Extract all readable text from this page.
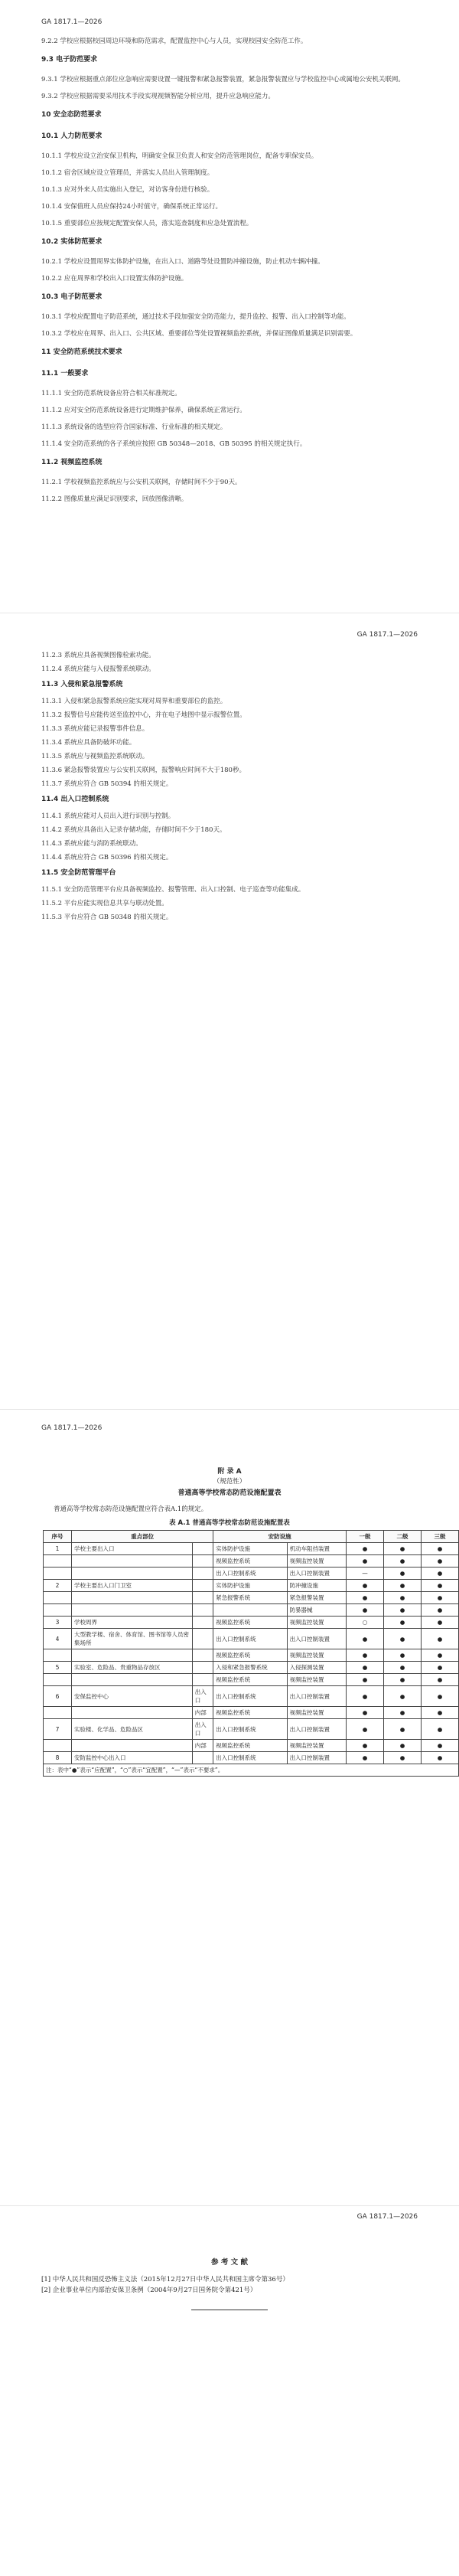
GA 1817.1—2026
9.2.2 学校应根据校园周边环境和防范需求，配置监控中心与人员，实现校园安全防范工作。
9.3 电子防范要求
9.3.1 学校应根据重点部位应急响应需要设置一键报警和紧急报警装置，紧急报警装置应与学校监控中心或属地公安机关联网。
9.3.2 学校应根据需要采用技术手段实现视频智能分析应用，提升应急响应能力。
10 安全态防范要求
10.1 人力防范要求
10.1.1 学校应设立治安保卫机构，明确安全保卫负责人和安全防范管理岗位，配备专职保安员。
10.1.2 宿舍区域应设立管理员，并落实人员出入管理制度。
10.1.3 应对外来人员实施出入登记，对访客身份进行核验。
10.1.4 安保值班人员应保持24小时值守，确保系统正常运行。
10.1.5 重要部位应按规定配置安保人员，落实巡查制度和应急处置流程。
10.2 实体防范要求
10.2.1 学校应设置周界实体防护设施，在出入口、道路等处设置防冲撞设施，防止机动车辆冲撞。
10.2.2 应在周界和学校出入口设置实体防护设施。
10.3 电子防范要求
10.3.1 学校应配置电子防范系统，通过技术手段加强安全防范能力，提升监控、报警、出入口控制等功能。
10.3.2 学校应在周界、出入口、公共区域、重要部位等处设置视频监控系统，并保证图像质量满足识别需要。
11 安全防范系统技术要求
11.1 一般要求
11.1.1 安全防范系统设备应符合相关标准规定。
11.1.2 应对安全防范系统设备进行定期维护保养，确保系统正常运行。
11.1.3 系统设备的选型应符合国家标准、行业标准的相关规定。
11.1.4 安全防范系统的各子系统应按照 GB 50348—2018、GB 50395 的相关规定执行。
11.2 视频监控系统
11.2.1 学校视频监控系统应与公安机关联网，存储时间不少于90天。
11.2.2 图像质量应满足识别要求，回放图像清晰。
GA 1817.1—2026
11.2.3 系统应具备视频图像检索功能。
11.2.4 系统应能与入侵报警系统联动。
11.3 入侵和紧急报警系统
11.3.1 入侵和紧急报警系统应能实现对周界和重要部位的监控。
11.3.2 报警信号应能传送至监控中心，并在电子地图中显示报警位置。
11.3.3 系统应能记录报警事件信息。
11.3.4 系统应具备防破坏功能。
11.3.5 系统应与视频监控系统联动。
11.3.6 紧急报警装置应与公安机关联网，报警响应时间不大于180秒。
11.3.7 系统应符合 GB 50394 的相关规定。
11.4 出入口控制系统
11.4.1 系统应能对人员出入进行识别与控制。
11.4.2 系统应具备出入记录存储功能，存储时间不少于180天。
11.4.3 系统应能与消防系统联动。
11.4.4 系统应符合 GB 50396 的相关规定。
11.5 安全防范管理平台
11.5.1 安全防范管理平台应具备视频监控、报警管理、出入口控制、电子巡查等功能集成。
11.5.2 平台应能实现信息共享与联动处置。
11.5.3 平台应符合 GB 50348 的相关规定。
GA 1817.1—2026
附 录 A
（规范性）
普通高等学校常态防范设施配置表
普通高等学校常态防范设施配置应符合表A.1的规定。
表 A.1 普通高等学校常态防范设施配置表
序号	重点部位		安防设施		一级	二级	三级
1	学校主要出入口		实体防护设施	机动车阻挡装置	●	●	●
			视频监控系统	视频监控装置	●	●	●
			出入口控制系统	出入口控制装置	—	●	●
2	学校主要出入口门卫室		实体防护设施	防冲撞设施	●	●	●
			紧急报警系统	紧急报警装置	●	●	●
				防暴器械	●	●	●
3	学校周界		视频监控系统	视频监控装置	○	●	●
4	大型教学楼、宿舍、体育馆、图书馆等人员密集场所		出入口控制系统	出入口控制装置	●	●	●
			视频监控系统	视频监控装置	●	●	●
5	实验室、危险品、贵重物品存放区		入侵和紧急报警系统	入侵探测装置	●	●	●
			视频监控系统	视频监控装置	●	●	●
6	安保监控中心	出入口	出入口控制系统	出入口控制装置	●	●	●
		内部	视频监控系统	视频监控装置	●	●	●
7	实验楼、化学品、危险品区	出入口	出入口控制系统	出入口控制装置	●	●	●
		内部	视频监控系统	视频监控装置	●	●	●
8	安防监控中心出入口		出入口控制系统	出入口控制装置	●	●	●
注：表中“●”表示“应配置”，“○”表示“宜配置”，“—”表示“不要求”。							
GA 1817.1—2026
参 考 文 献
[1] 中华人民共和国反恐怖主义法（2015年12月27日中华人民共和国主席令第36号）
[2] 企业事业单位内部治安保卫条例（2004年9月27日国务院令第421号）
